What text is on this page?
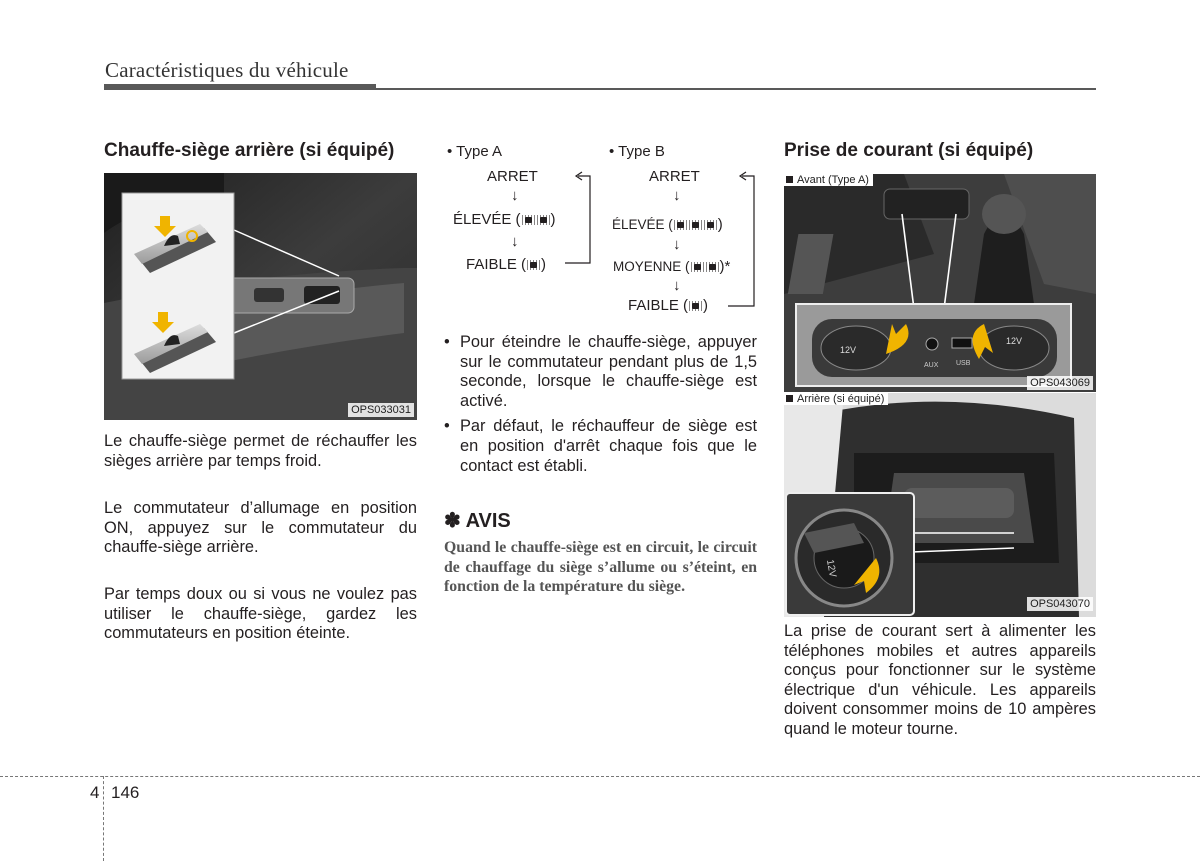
Caractéristiques du véhicule
Chauffe-siège arrière (si équipé)
OPS033031
Le chauffe-siège permet de réchauffer les sièges arrière par temps froid.
Le commutateur d’allumage en position ON, appuyez sur le commutateur du chauffe-siège arrière.
Par temps doux ou si vous ne voulez pas utiliser le chauffe-siège, gardez les commutateurs en position éteinte.
• Type A	• Type B
ARRET
↓
ÉLEVÉE ( )
↓
FAIBLE ( )
ARRET
↓
ÉLEVÉE (	)
↓
MOYENNE ( )*
↓
FAIBLE ( )
• Pour éteindre le chauffe-siège, appuyer sur le commutateur pendant plus de 1,5 seconde, lorsque le chauffe-siège est activé.
• Par défaut, le réchauffeur de siège est en position d'arrêt chaque fois que le contact est établi.
✽ AVIS
Quand le chauffe-siège est en circuit, le circuit de chauffage du siège s’allume ou s’éteint, en fonction de la température du siège.
Prise de courant (si équipé)
12V
12V
AUX	USB
Avant (Type A)
OPS043069
12V
Arrière (si équipé)
OPS043070
La prise de courant sert à alimenter les téléphones mobiles et autres appareils conçus pour fonctionner sur le système électrique d'un véhicule. Les appareils doivent consommer moins de 10 ampères quand le moteur tourne.
4 146
